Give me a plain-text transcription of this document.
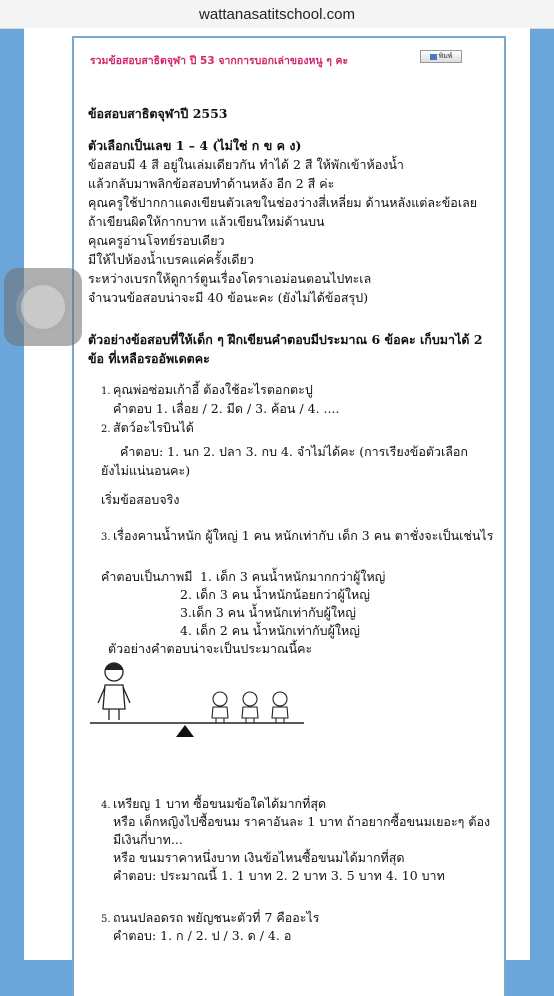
wattanasatitschool.com
รวมข้อสอบสาธิตจุฬา ปี 53 จากการบอกเล่าของหนู ๆ คะ	พิมพ์
ข้อสอบสาธิตจุฬาปี 2553
ตัวเลือกเป็นเลข 1 – 4 (ไม่ใช่ ก ข ค ง)
ข้อสอบมี 4 สี อยู่ในเล่มเดียวกัน ทำได้ 2 สี ให้พักเข้าห้องน้ำ
แล้วกลับมาพลิกข้อสอบทำด้านหลัง อีก 2 สี ค่ะ
คุณครูใช้ปากกาแดงเขียนตัวเลขในช่องว่างสี่เหลี่ยม ด้านหลังแต่ละข้อเลย
ถ้าเขียนผิดให้กากบาท แล้วเขียนใหม่ด้านบน
คุณครูอ่านโจทย์รอบเดียว
มีให้ไปห้องน้ำเบรคแค่ครั้งเดียว
ระหว่างเบรกให้ดูการ์ตูนเรื่องโดราเอม่อนตอนไปทะเล
จำนวนข้อสอบน่าจะมี 40 ข้อนะคะ (ยังไม่ได้ข้อสรุป)
ตัวอย่างข้อสอบที่ให้เด็ก ๆ ฝึกเขียนคำตอบมีประมาณ 6 ข้อคะ เก็บมาได้ 2
ข้อ ที่เหลือรออัพเดตคะ
1. คุณพ่อซ่อมเก้าอี้ ต้องใช้อะไรตอกตะปู
คำตอบ 1. เลื่อย / 2. มีด / 3. ค้อน / 4. ....
2. สัตว์อะไรบินได้
คำตอบ: 1. นก 2. ปลา 3. กบ 4. จำไม่ได้คะ (การเรียงข้อตัวเลือก
ยังไม่แน่นอนคะ)
เริ่มข้อสอบจริง
3. เรื่องคานน้ำหนัก ผู้ใหญ่ 1 คน หนักเท่ากับ เด็ก 3 คน ตาชั่งจะเป็นเช่นไร
คำตอบเป็นภาพมี 1. เด็ก 3 คนน้ำหนักมากกว่าผู้ใหญ่
2. เด็ก 3 คน น้ำหนักน้อยกว่าผู้ใหญ่
3.เด็ก 3 คน น้ำหนักเท่ากับผู้ใหญ่
4. เด็ก 2 คน น้ำหนักเท่ากับผู้ใหญ่
ตัวอย่างคำตอบน่าจะเป็นประมาณนี้คะ
4. เหรียญ 1 บาท ซื้อขนมข้อใดได้มากที่สุด
หรือ เด็กหญิงไปซื้อขนม ราคาอันละ 1 บาท ถ้าอยากซื้อขนมเยอะๆ ต้อง
มีเงินกี่บาท...
หรือ ขนมราคาหนึ่งบาท เงินข้อไหนซื้อขนมได้มากที่สุด
คำตอบ: ประมาณนี้ 1. 1 บาท 2. 2 บาท 3. 5 บาท 4. 10 บาท
5. ถนนปลอดรถ พยัญชนะตัวที่ 7 คืออะไร
คำตอบ: 1. ก / 2. ป / 3. ด / 4. อ
